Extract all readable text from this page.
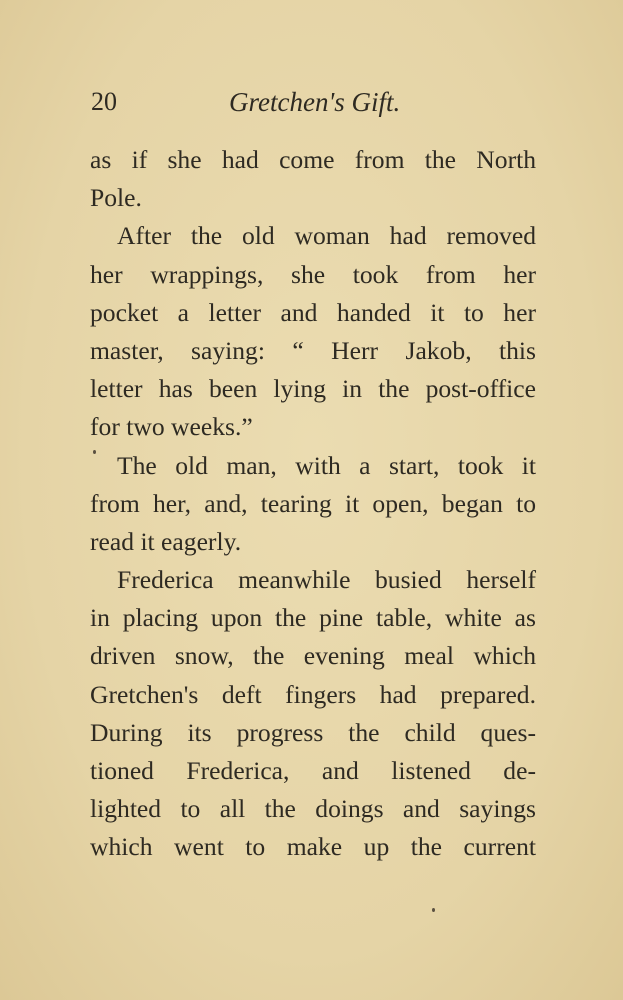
20	Gretchen's Gift.
as if she had come from the North
Pole.
After the old woman had removed
her wrappings, she took from her
pocket a letter and handed it to her
master, saying: “ Herr Jakob, this
letter has been lying in the post-office
for two weeks.”
The old man, with a start, took it
from her, and, tearing it open, began to
read it eagerly.
Frederica meanwhile busied herself
in placing upon the pine table, white as
driven snow, the evening meal which
Gretchen's deft fingers had prepared.
During its progress the child ques-
tioned Frederica, and listened de-
lighted to all the doings and sayings
which went to make up the current
